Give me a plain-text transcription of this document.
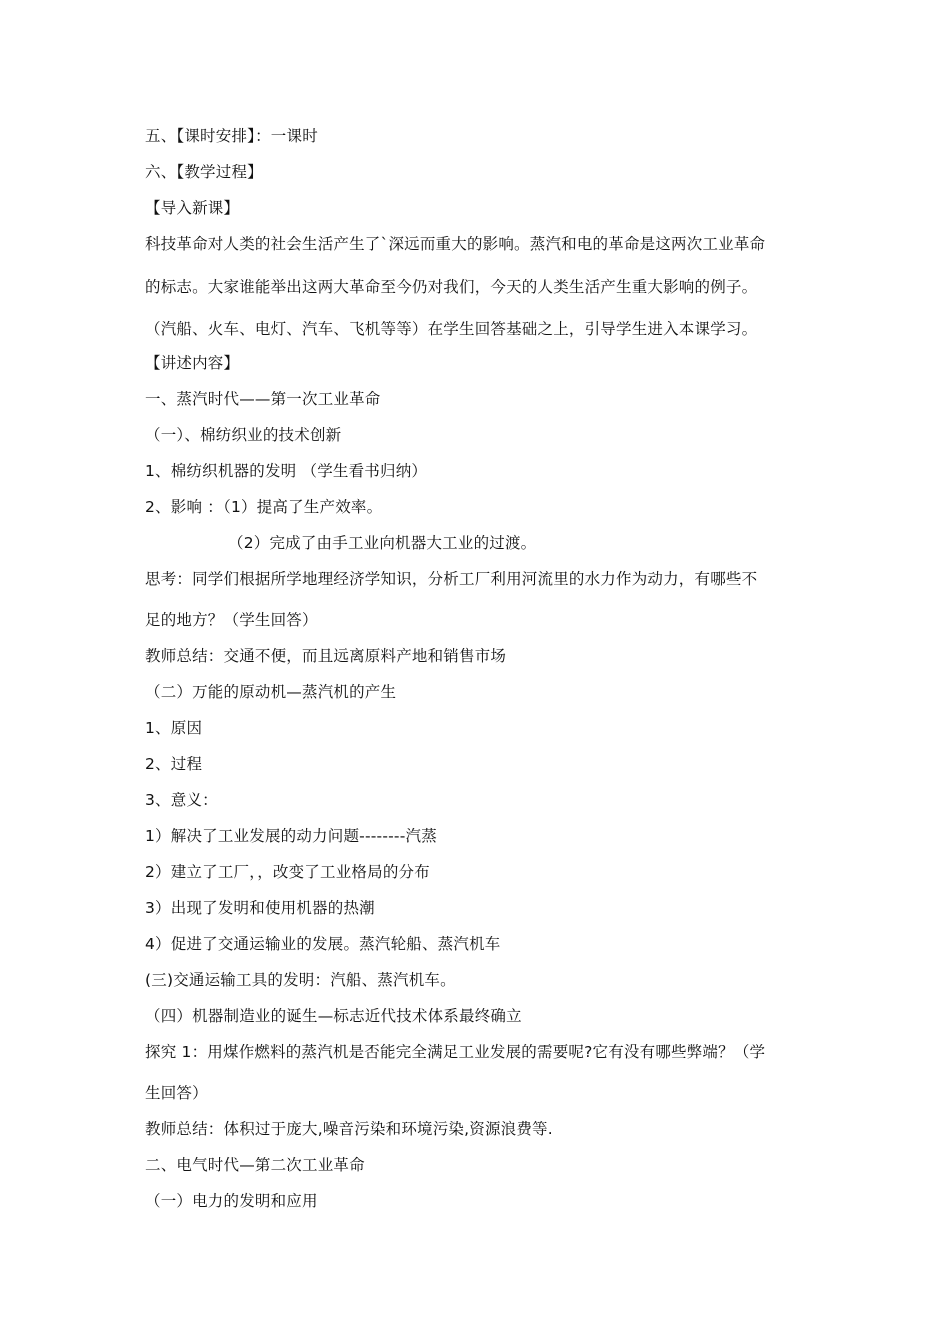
五、【课时安排】：一课时
六、【教学过程】
【导入新课】
科技革命对人类的社会生活产生了`深远而重大的影响。蒸汽和电的革命是这两次工业革命
的标志。大家谁能举出这两大革命至今仍对我们，今天的人类生活产生重大影响的例子。
（汽船、火车、电灯、汽车、飞机等等）在学生回答基础之上，引导学生进入本课学习。
【讲述内容】
一、蒸汽时代——第一次工业革命
（一）、棉纺织业的技术创新
1、棉纺织机器的发明 （学生看书归纳）
2、影响 ：（1）提高了生产效率。
（2）完成了由手工业向机器大工业的过渡。
思考：同学们根据所学地理经济学知识，分析工厂利用河流里的水力作为动力，有哪些不
足的地方？（学生回答）
教师总结：交通不便，而且远离原料产地和销售市场
（二）万能的原动机—蒸汽机的产生
1、原因
2、过程
3、意义：
1）解决了工业发展的动力问题--------汽蒸
2）建立了工厂，，改变了工业格局的分布
3）出现了发明和使用机器的热潮
4）促进了交通运输业的发展。蒸汽轮船、蒸汽机车
(三)交通运输工具的发明：汽船、蒸汽机车。
（四）机器制造业的诞生—标志近代技术体系最终确立
探究 1：用煤作燃料的蒸汽机是否能完全满足工业发展的需要呢?它有没有哪些弊端？（学
生回答）
教师总结：体积过于庞大,噪音污染和环境污染,资源浪费等.
二、电气时代—第二次工业革命
（一）电力的发明和应用
